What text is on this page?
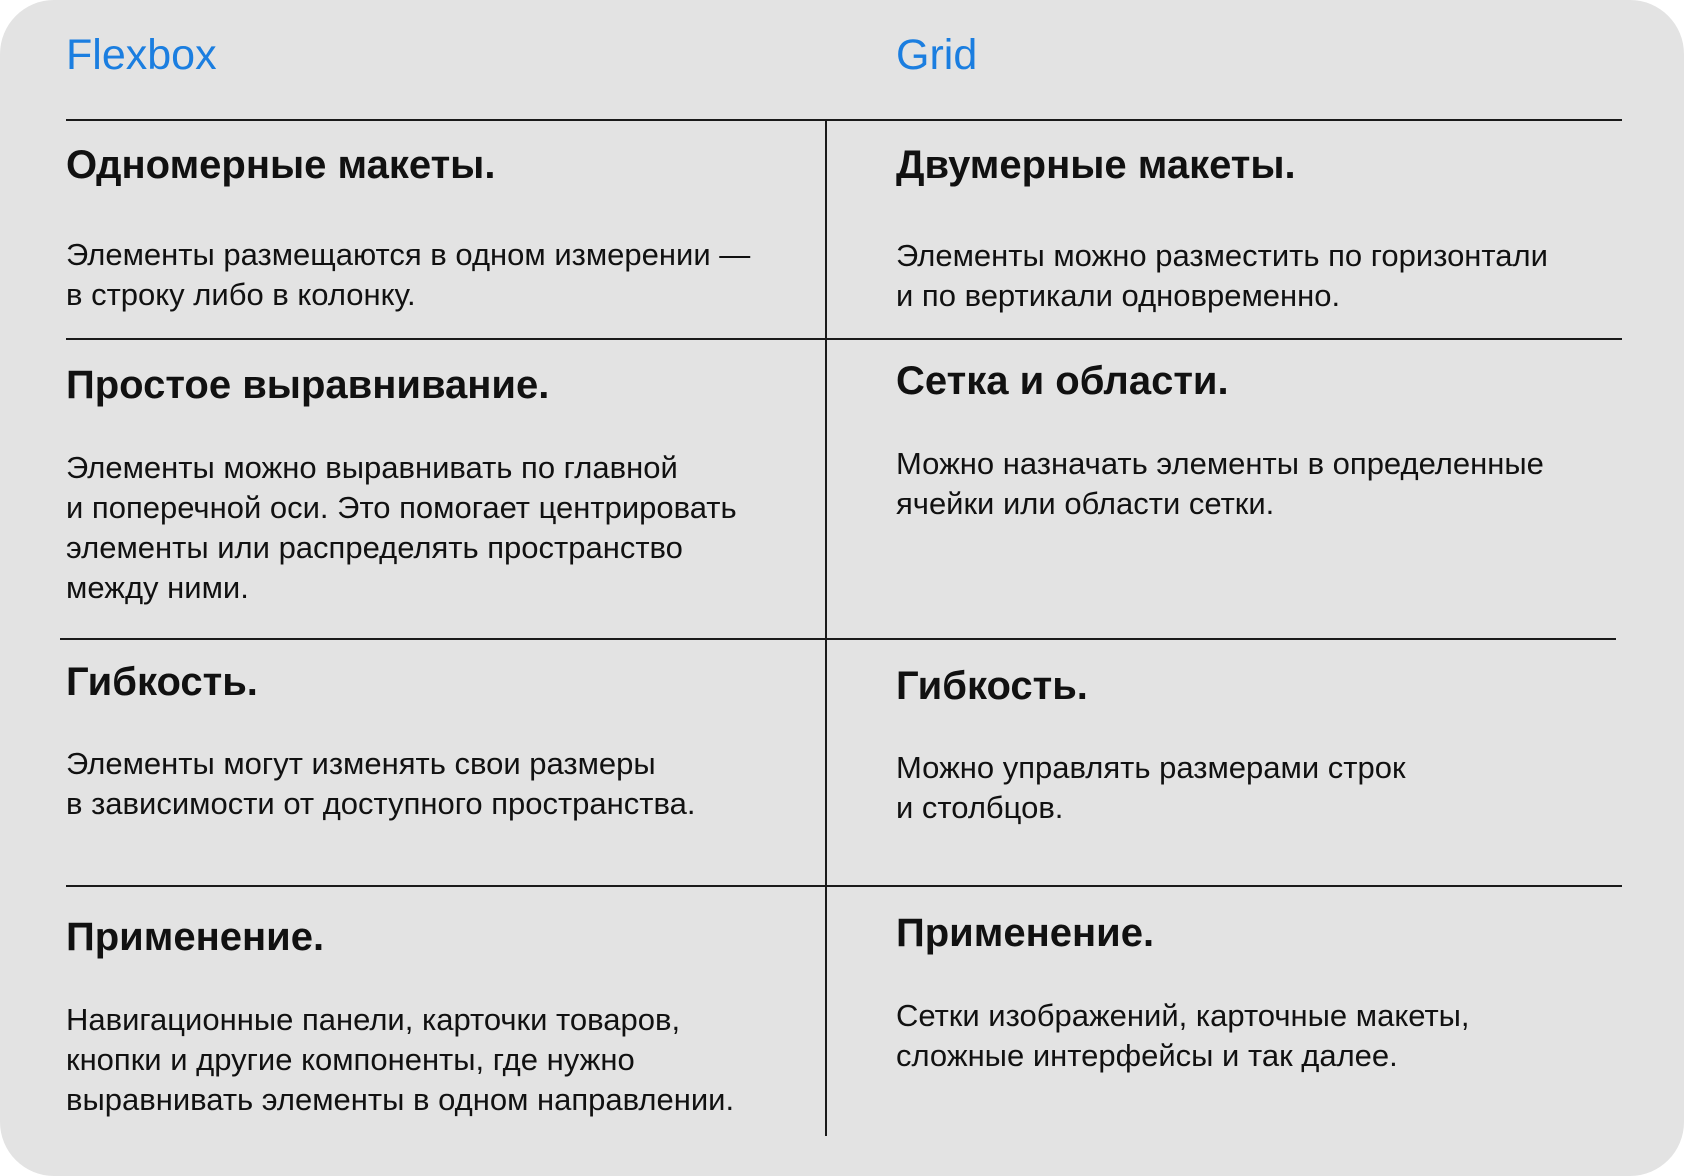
Flexbox	Grid
Одномерные макеты.
Элементы размещаются в одном измерении —
в строку либо в колонку.
Двумерные макеты.
Элементы можно разместить по горизонтали
и по вертикали одновременно.
Простое выравнивание.
Элементы можно выравнивать по главной
и поперечной оси. Это помогает центрировать
элементы или распределять пространство
между ними.
Сетка и области.
Можно назначать элементы в определенные
ячейки или области сетки.
Гибкость.
Элементы могут изменять свои размеры
в зависимости от доступного пространства.
Гибкость.
Можно управлять размерами строк
и столбцов.
Применение.
Навигационные панели, карточки товаров,
кнопки и другие компоненты, где нужно
выравнивать элементы в одном направлении.
Применение.
Сетки изображений, карточные макеты,
сложные интерфейсы и так далее.
